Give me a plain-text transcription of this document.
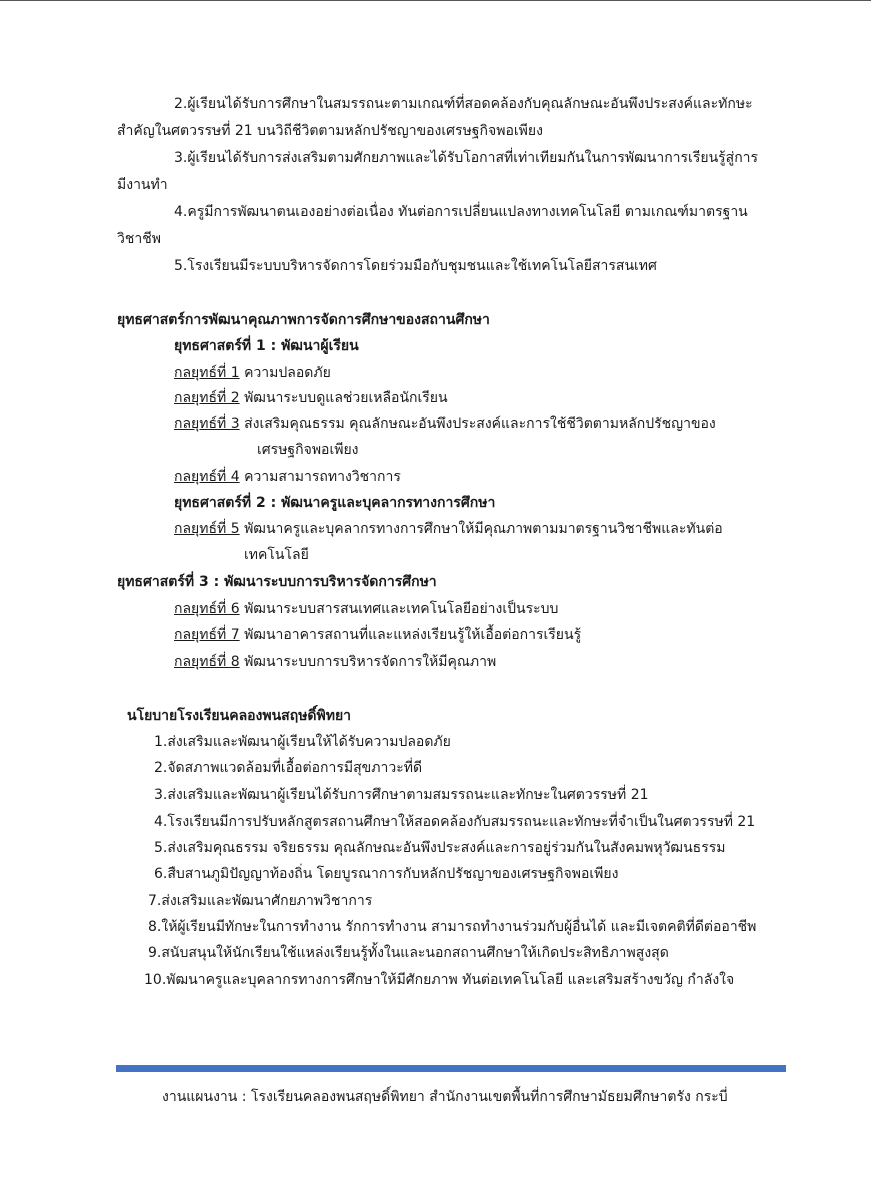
2.ผู้เรียนได้รับการศึกษาในสมรรถนะตามเกณฑ์ที่สอดคล้องกับคุณลักษณะอันพึงประสงค์และทักษะ
สำคัญในศตวรรษที่ 21 บนวิถีชีวิตตามหลักปรัชญาของเศรษฐกิจพอเพียง
3.ผู้เรียนได้รับการส่งเสริมตามศักยภาพและได้รับโอกาสที่เท่าเทียมกันในการพัฒนาการเรียนรู้สู่การ
มีงานทำ
4.ครูมีการพัฒนาตนเองอย่างต่อเนื่อง ทันต่อการเปลี่ยนแปลงทางเทคโนโลยี ตามเกณฑ์มาตรฐาน
วิชาชีพ
5.โรงเรียนมีระบบบริหารจัดการโดยร่วมมือกับชุมชนและใช้เทคโนโลยีสารสนเทศ
ยุทธศาสตร์การพัฒนาคุณภาพการจัดการศึกษาของสถานศึกษา
ยุทธศาสตร์ที่ 1 : พัฒนาผู้เรียน
กลยุทธ์ที่ 1 ความปลอดภัย
กลยุทธ์ที่ 2 พัฒนาระบบดูแลช่วยเหลือนักเรียน
กลยุทธ์ที่ 3 ส่งเสริมคุณธรรม คุณลักษณะอันพึงประสงค์และการใช้ชีวิตตามหลักปรัชญาของ
เศรษฐกิจพอเพียง
กลยุทธ์ที่ 4 ความสามารถทางวิชาการ
ยุทธศาสตร์ที่ 2 : พัฒนาครูและบุคลากรทางการศึกษา
กลยุทธ์ที่ 5 พัฒนาครูและบุคลากรทางการศึกษาให้มีคุณภาพตามมาตรฐานวิชาชีพและทันต่อ
เทคโนโลยี
ยุทธศาสตร์ที่ 3 : พัฒนาระบบการบริหารจัดการศึกษา
กลยุทธ์ที่ 6 พัฒนาระบบสารสนเทศและเทคโนโลยีอย่างเป็นระบบ
กลยุทธ์ที่ 7 พัฒนาอาคารสถานที่และแหล่งเรียนรู้ให้เอื้อต่อการเรียนรู้
กลยุทธ์ที่ 8 พัฒนาระบบการบริหารจัดการให้มีคุณภาพ
นโยบายโรงเรียนคลองพนสฤษดิ์พิทยา
1.ส่งเสริมและพัฒนาผู้เรียนให้ได้รับความปลอดภัย
2.จัดสภาพแวดล้อมที่เอื้อต่อการมีสุขภาวะที่ดี
3.ส่งเสริมและพัฒนาผู้เรียนได้รับการศึกษาตามสมรรถนะและทักษะในศตวรรษที่ 21
4.โรงเรียนมีการปรับหลักสูตรสถานศึกษาให้สอดคล้องกับสมรรถนะและทักษะที่จำเป็นในศตวรรษที่ 21
5.ส่งเสริมคุณธรรม จริยธรรม คุณลักษณะอันพึงประสงค์และการอยู่ร่วมกันในสังคมพหุวัฒนธรรม
6.สืบสานภูมิปัญญาท้องถิ่น โดยบูรณาการกับหลักปรัชญาของเศรษฐกิจพอเพียง
7.ส่งเสริมและพัฒนาศักยภาพวิชาการ
8.ให้ผู้เรียนมีทักษะในการทำงาน รักการทำงาน สามารถทำงานร่วมกับผู้อื่นได้ และมีเจตคติที่ดีต่ออาชีพ
9.สนับสนุนให้นักเรียนใช้แหล่งเรียนรู้ทั้งในและนอกสถานศึกษาให้เกิดประสิทธิภาพสูงสุด
10.พัฒนาครูและบุคลากรทางการศึกษาให้มีศักยภาพ ทันต่อเทคโนโลยี และเสริมสร้างขวัญ กำลังใจ
งานแผนงาน : โรงเรียนคลองพนสฤษดิ์พิทยา สำนักงานเขตพื้นที่การศึกษามัธยมศึกษาตรัง กระบี่
